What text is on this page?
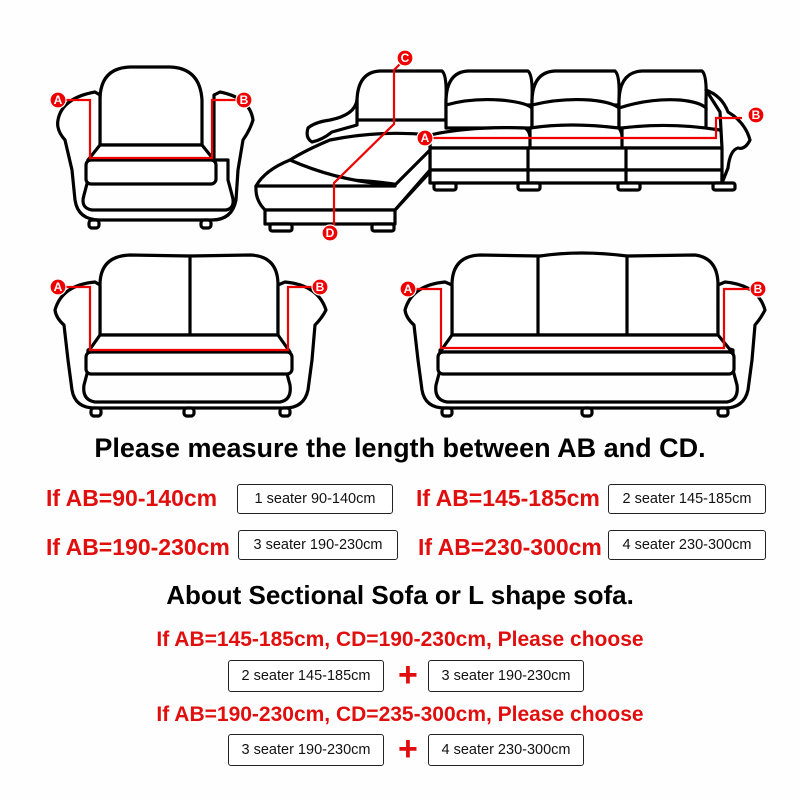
A	B
C
D
A
B
A	B	A	B
Please measure the length between AB and CD.
If AB=90-140cm	1 seater 90-140cm	If AB=145-185cm	2 seater 145-185cm
If AB=190-230cm	3 seater 190-230cm	If AB=230-300cm	4 seater 230-300cm
About Sectional Sofa or L shape sofa.
If AB=145-185cm, CD=190-230cm, Please choose
2 seater 145-185cm +	3 seater 190-230cm
If AB=190-230cm, CD=235-300cm, Please choose
3 seater 190-230cm +	4 seater 230-300cm
